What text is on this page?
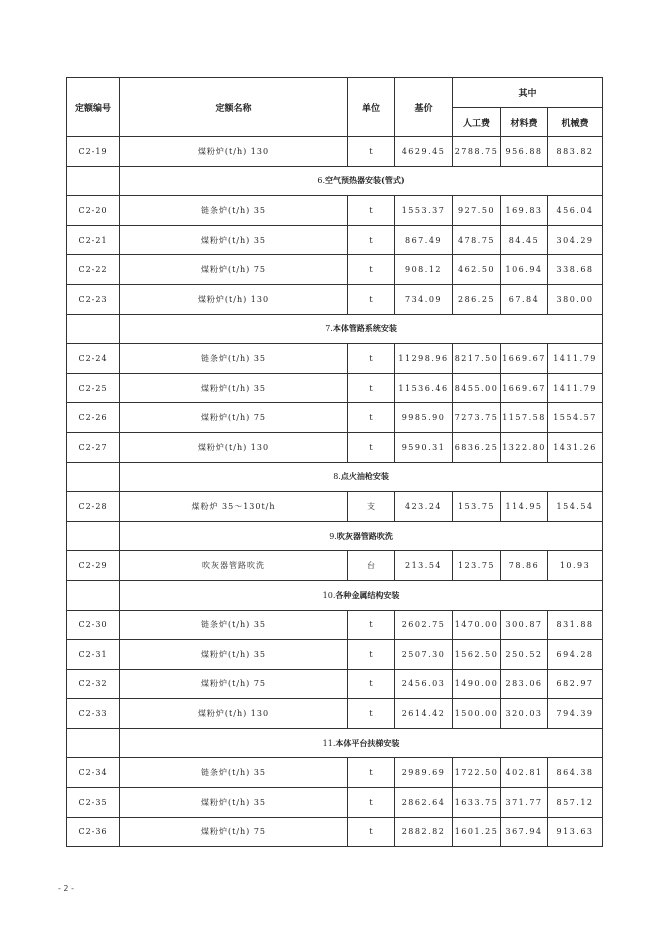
定额编号	定额名称	单位	基价	其中		
				人工费	材料费	机械费
C2-19	煤粉炉(t/h) 130	t	4629.45	2788.75	956.88	883.82
	6.空气预热器安装(管式)					
C2-20	链条炉(t/h) 35	t	1553.37	927.50	169.83	456.04
C2-21	煤粉炉(t/h) 35	t	867.49	478.75	84.45	304.29
C2-22	煤粉炉(t/h) 75	t	908.12	462.50	106.94	338.68
C2-23	煤粉炉(t/h) 130	t	734.09	286.25	67.84	380.00
	7.本体管路系统安装					
C2-24	链条炉(t/h) 35	t	11298.96	8217.50	1669.67	1411.79
C2-25	煤粉炉(t/h) 35	t	11536.46	8455.00	1669.67	1411.79
C2-26	煤粉炉(t/h) 75	t	9985.90	7273.75	1157.58	1554.57
C2-27	煤粉炉(t/h) 130	t	9590.31	6836.25	1322.80	1431.26
	8.点火油枪安装					
C2-28	煤粉炉 35～130t/h	支	423.24	153.75	114.95	154.54
	9.吹灰器管路吹洗					
C2-29	吹灰器管路吹洗	台	213.54	123.75	78.86	10.93
	10.各种金属结构安装					
C2-30	链条炉(t/h) 35	t	2602.75	1470.00	300.87	831.88
C2-31	煤粉炉(t/h) 35	t	2507.30	1562.50	250.52	694.28
C2-32	煤粉炉(t/h) 75	t	2456.03	1490.00	283.06	682.97
C2-33	煤粉炉(t/h) 130	t	2614.42	1500.00	320.03	794.39
	11.本体平台扶梯安装					
C2-34	链条炉(t/h) 35	t	2989.69	1722.50	402.81	864.38
C2-35	煤粉炉(t/h) 35	t	2862.64	1633.75	371.77	857.12
C2-36	煤粉炉(t/h) 75	t	2882.82	1601.25	367.94	913.63
- 2 -
